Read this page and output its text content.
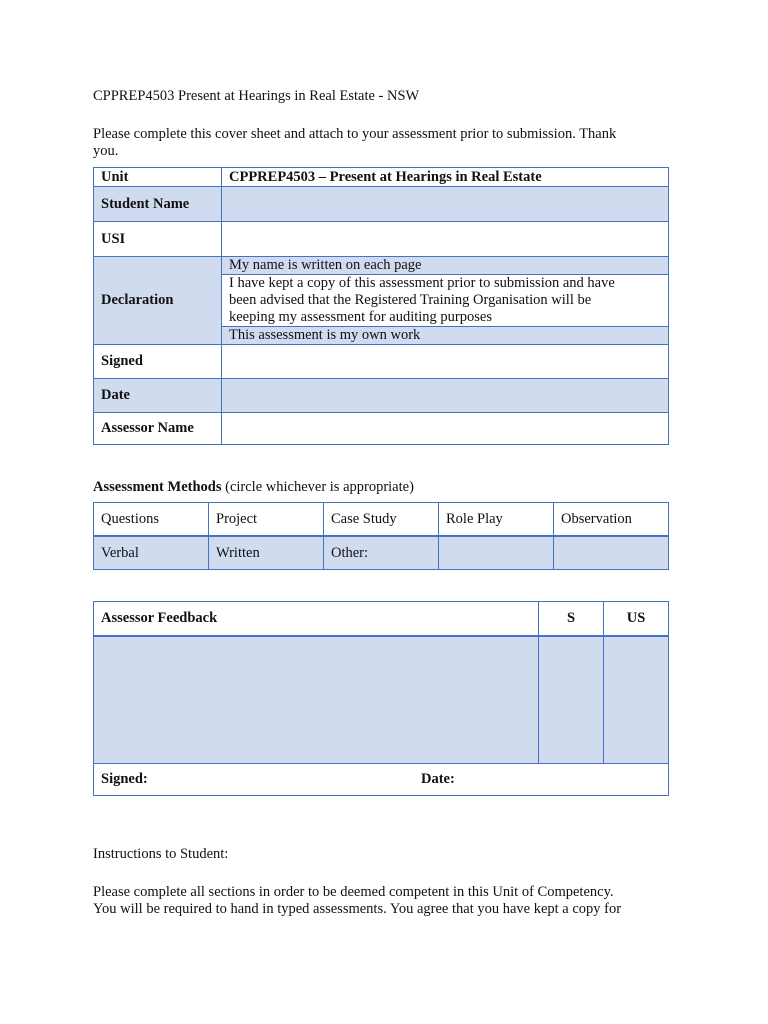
CPPREP4503 Present at Hearings in Real Estate - NSW
Please complete this cover sheet and attach to your assessment prior to submission. Thank
you.
Unit	CPPREP4503 – Present at Hearings in Real Estate
Student Name	
USI	
Declaration	My name is written on each page
I have kept a copy of this assessment prior to submission and have
been advised that the Registered Training Organisation will be
keeping my assessment for auditing purposes
This assessment is my own work

Signed	
Date	
Assessor Name	
Assessment Methods (circle whichever is appropriate)
Questions	Project	Case Study	Role Play	Observation
Verbal	Written	Other:		
Assessor Feedback	S	US

Signed: Date:		
Instructions to Student:
Please complete all sections in order to be deemed competent in this Unit of Competency.
You will be required to hand in typed assessments. You agree that you have kept a copy for
